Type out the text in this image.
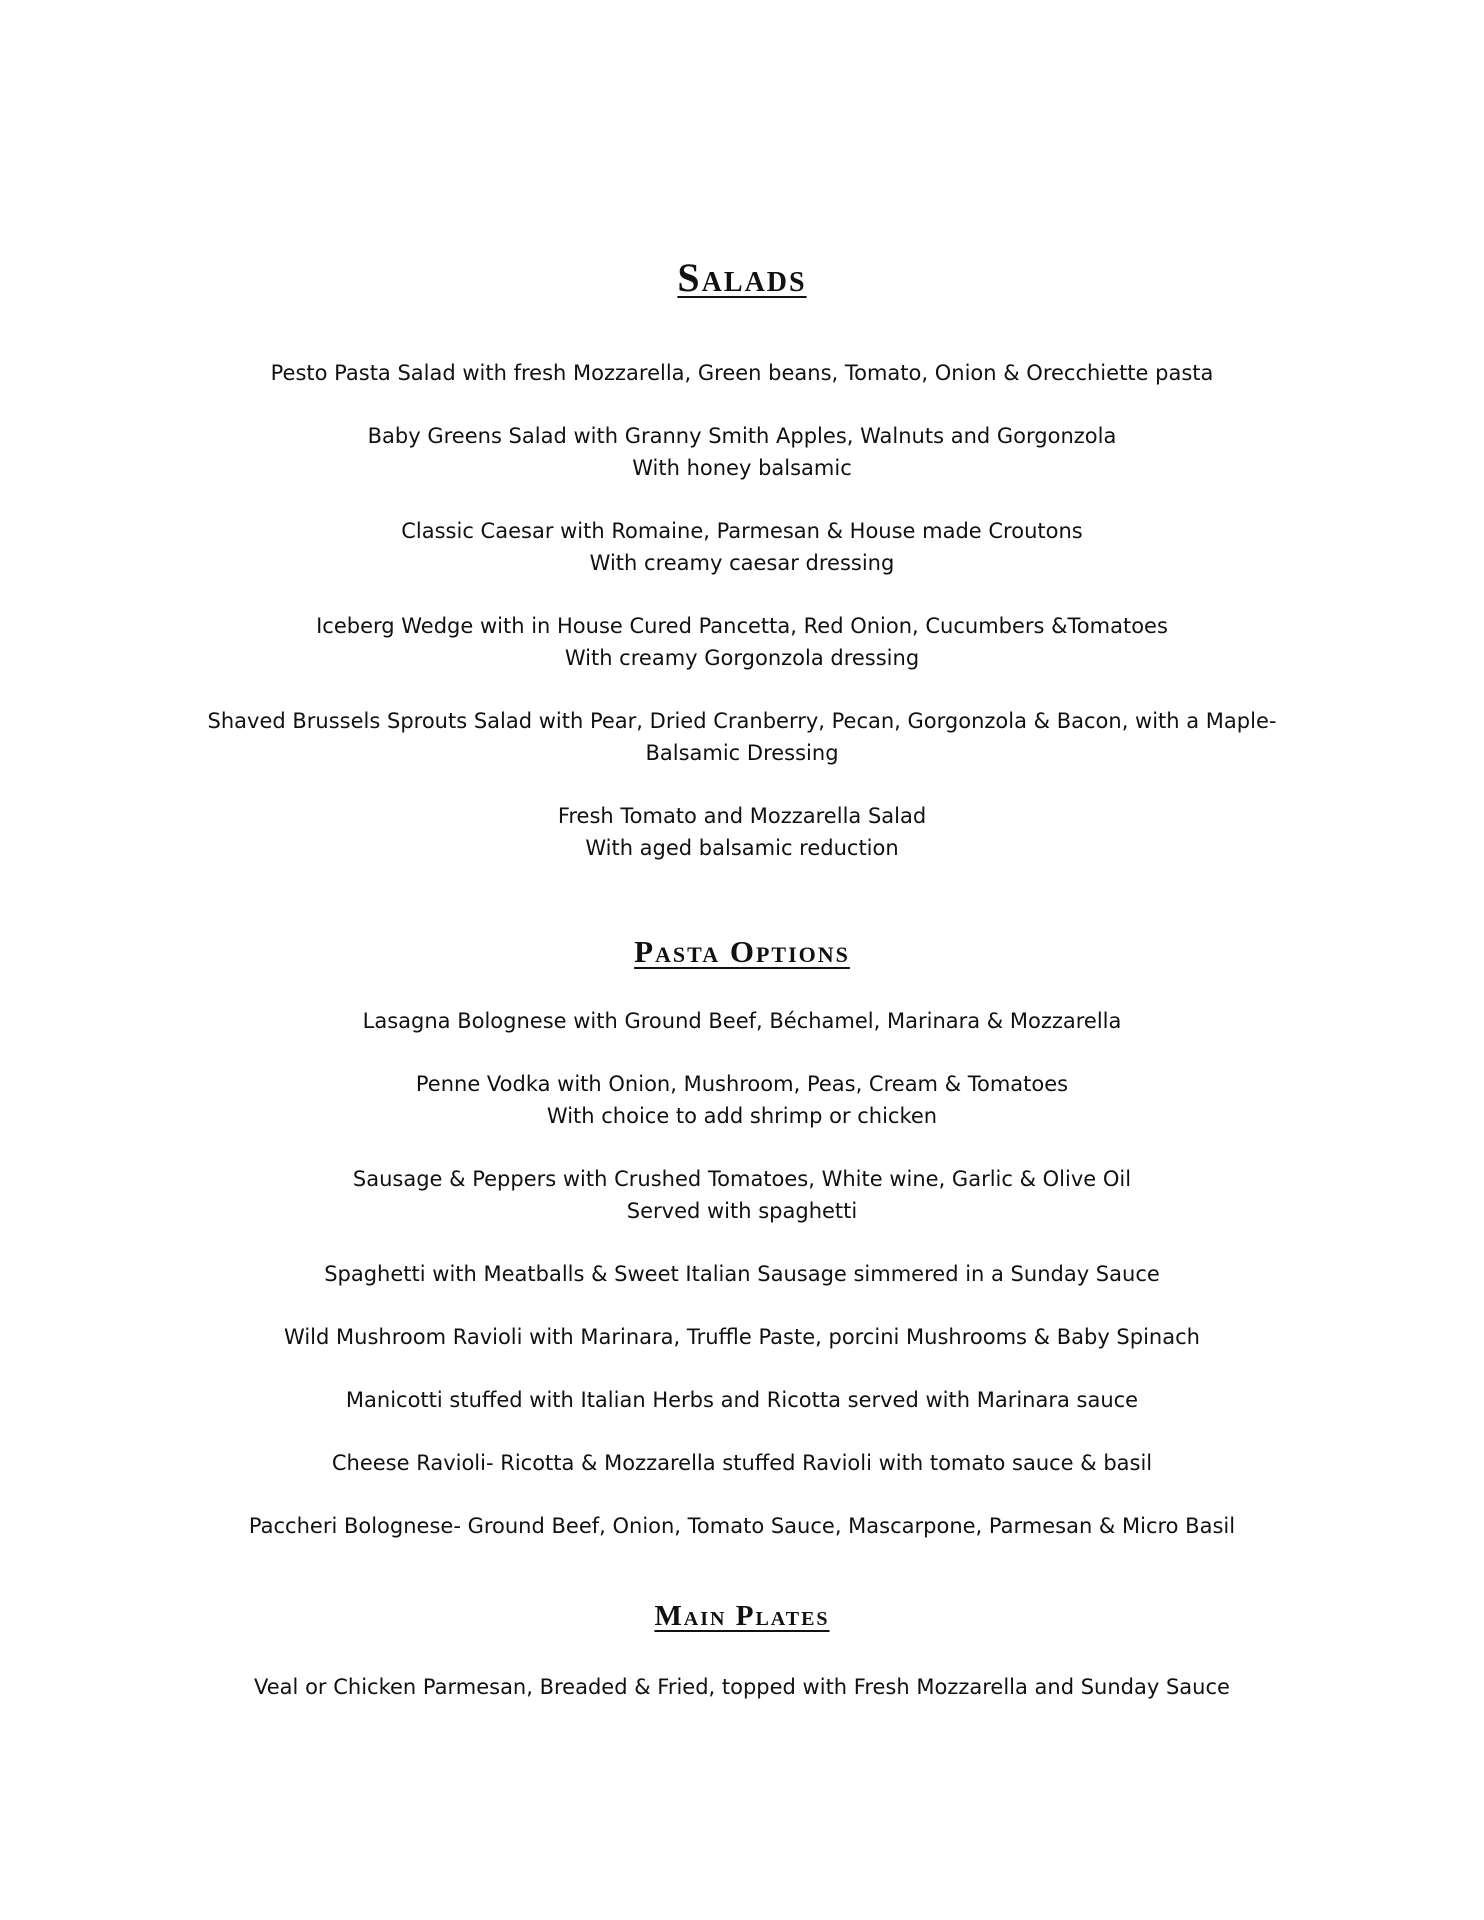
Salads
Pesto Pasta Salad with fresh Mozzarella, Green beans, Tomato, Onion & Orecchiette pasta
Baby Greens Salad with Granny Smith Apples, Walnuts and Gorgonzola
With honey balsamic
Classic Caesar with Romaine, Parmesan & House made Croutons
With creamy caesar dressing
Iceberg Wedge with in House Cured Pancetta, Red Onion, Cucumbers &Tomatoes
With creamy Gorgonzola dressing
Shaved Brussels Sprouts Salad with Pear, Dried Cranberry, Pecan, Gorgonzola & Bacon, with a Maple-Balsamic Dressing
Fresh Tomato and Mozzarella Salad
With aged balsamic reduction
Pasta Options
Lasagna Bolognese with Ground Beef, Béchamel, Marinara & Mozzarella
Penne Vodka with Onion, Mushroom, Peas, Cream & Tomatoes
With choice to add shrimp or chicken
Sausage & Peppers with Crushed Tomatoes, White wine, Garlic & Olive Oil
Served with spaghetti
Spaghetti with Meatballs & Sweet Italian Sausage simmered in a Sunday Sauce
Wild Mushroom Ravioli with Marinara, Truffle Paste, porcini Mushrooms & Baby Spinach
Manicotti stuffed with Italian Herbs and Ricotta served with Marinara sauce
Cheese Ravioli- Ricotta & Mozzarella stuffed Ravioli with tomato sauce & basil
Paccheri Bolognese- Ground Beef, Onion, Tomato Sauce, Mascarpone, Parmesan & Micro Basil
Main Plates
Veal or Chicken Parmesan, Breaded & Fried, topped with Fresh Mozzarella and Sunday Sauce
